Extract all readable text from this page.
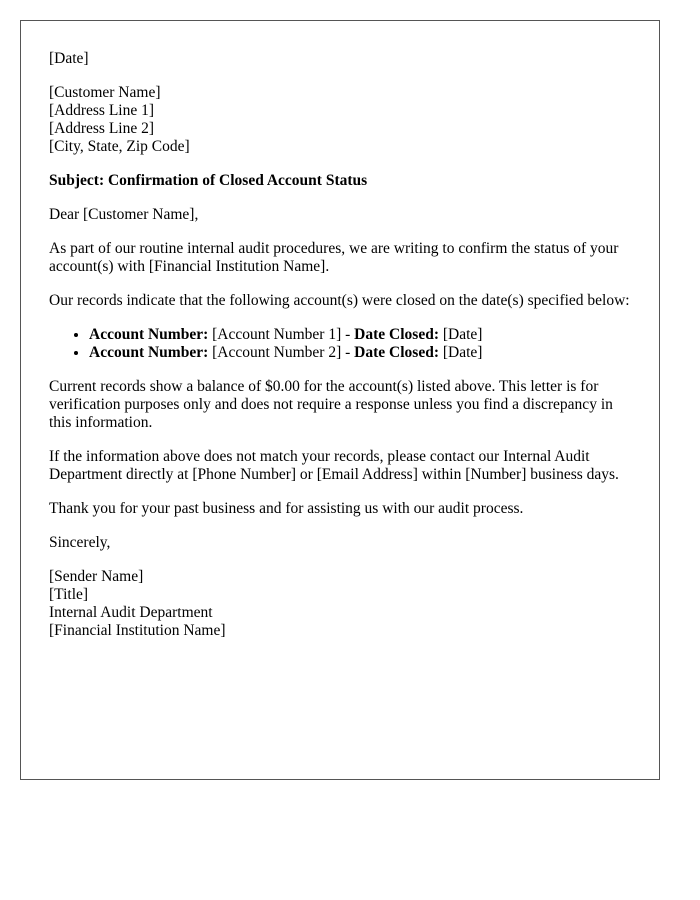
[Date]
[Customer Name]
[Address Line 1]
[Address Line 2]
[City, State, Zip Code]
Subject: Confirmation of Closed Account Status
Dear [Customer Name],
As part of our routine internal audit procedures, we are writing to confirm the status of your account(s) with [Financial Institution Name].
Our records indicate that the following account(s) were closed on the date(s) specified below:
• Account Number: [Account Number 1] - Date Closed: [Date]
• Account Number: [Account Number 2] - Date Closed: [Date]
Current records show a balance of $0.00 for the account(s) listed above. This letter is for verification purposes only and does not require a response unless you find a discrepancy in this information.
If the information above does not match your records, please contact our Internal Audit Department directly at [Phone Number] or [Email Address] within [Number] business days.
Thank you for your past business and for assisting us with our audit process.
Sincerely,
[Sender Name]
[Title]
Internal Audit Department
[Financial Institution Name]
